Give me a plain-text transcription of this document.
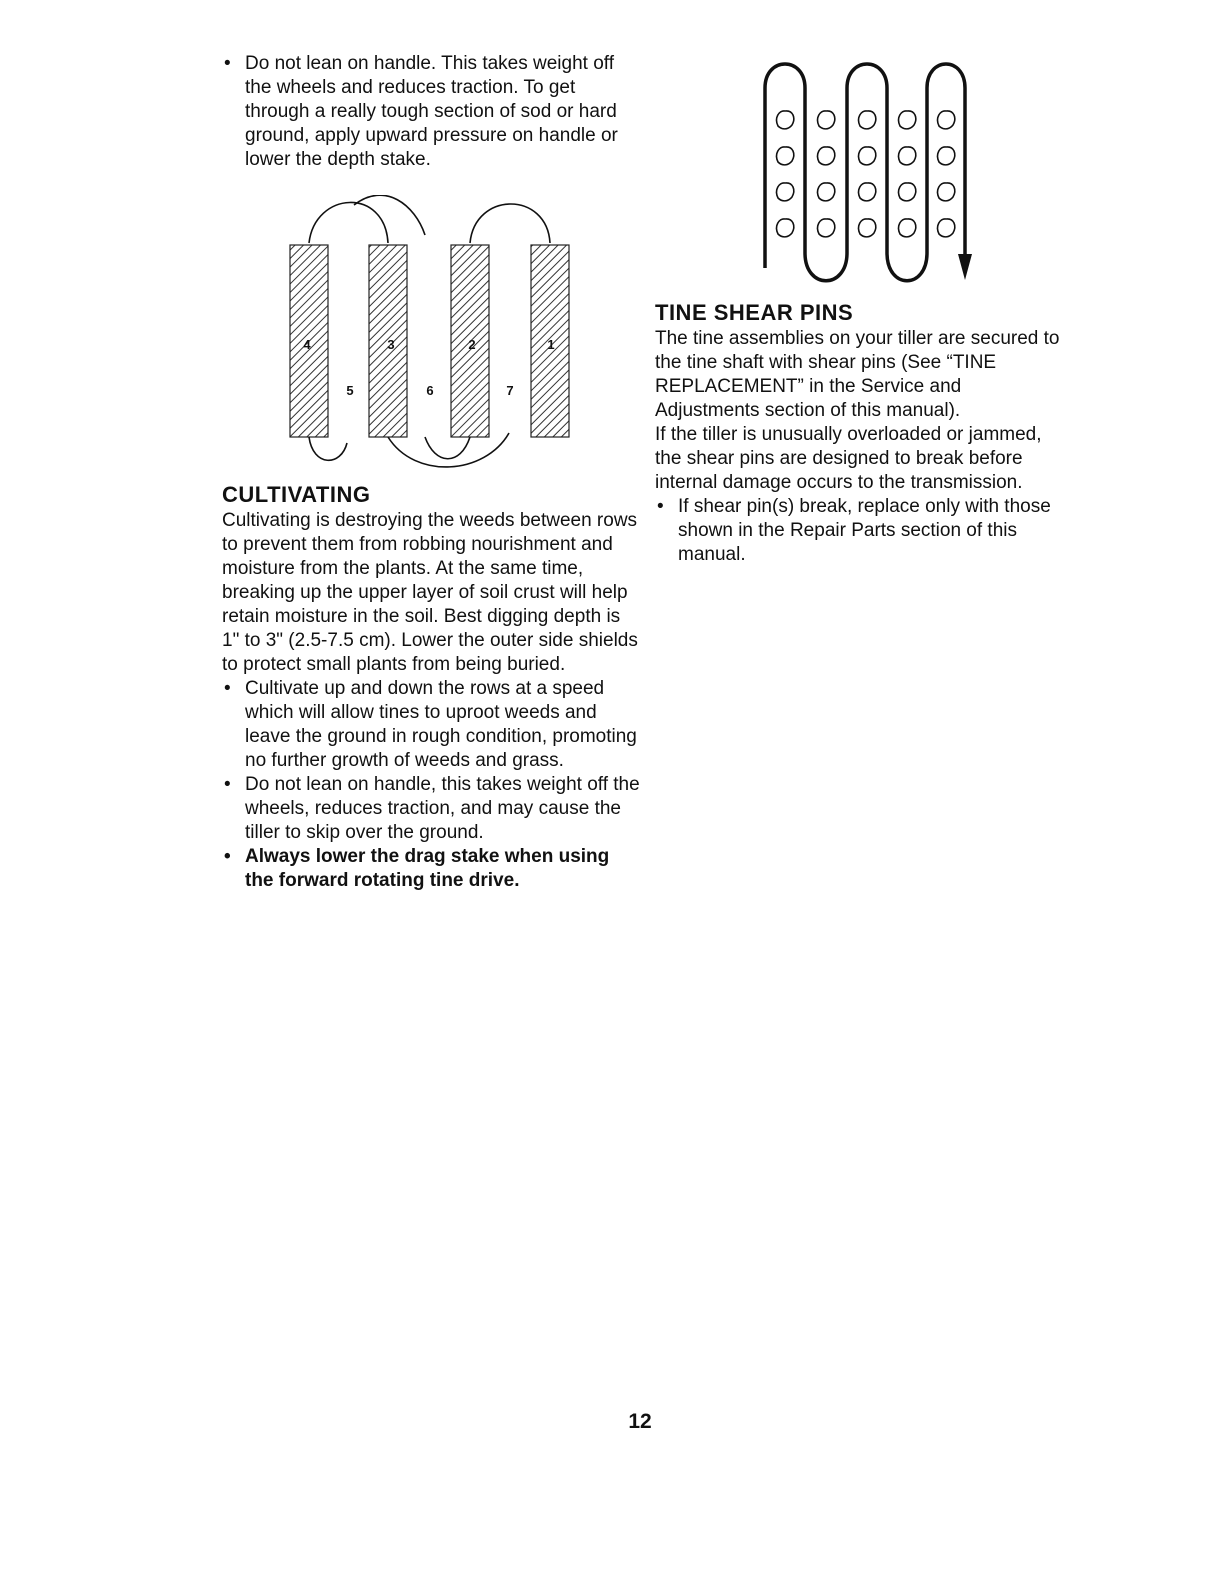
• Do not lean on handle. This takes weight off the wheels and reduces traction. To get through a really tough section of sod or hard ground, apply upward pressure on handle or lower the depth stake.

4	3	2	1
5	6	7

CULTIVATING

Cultivating is destroying the weeds between rows to prevent them from robbing nourishment and moisture from the plants. At the same time, breaking up the upper layer of soil crust will help retain moisture in the soil. Best digging depth is 1" to 3" (2.5-7.5 cm). Lower the outer side shields to protect small plants from being buried.

• Cultivate up and down the rows at a speed which will allow tines to uproot weeds and leave the ground in rough condition, promoting no further growth of weeds and grass.

• Do not lean on handle, this takes weight off the wheels, reduces traction, and may cause the tiller to skip over the ground.

• Always lower the drag stake when using the forward rotating tine drive.

TINE SHEAR PINS

The tine assemblies on your tiller are secured to the tine shaft with shear pins (See “TINE REPLACEMENT” in the Service and Adjustments section of this manual).

If the tiller is unusually overloaded or jammed, the shear pins are designed to break before internal damage occurs to the transmission.

• If shear pin(s) break, replace only with those shown in the Repair Parts section of this manual.

12
